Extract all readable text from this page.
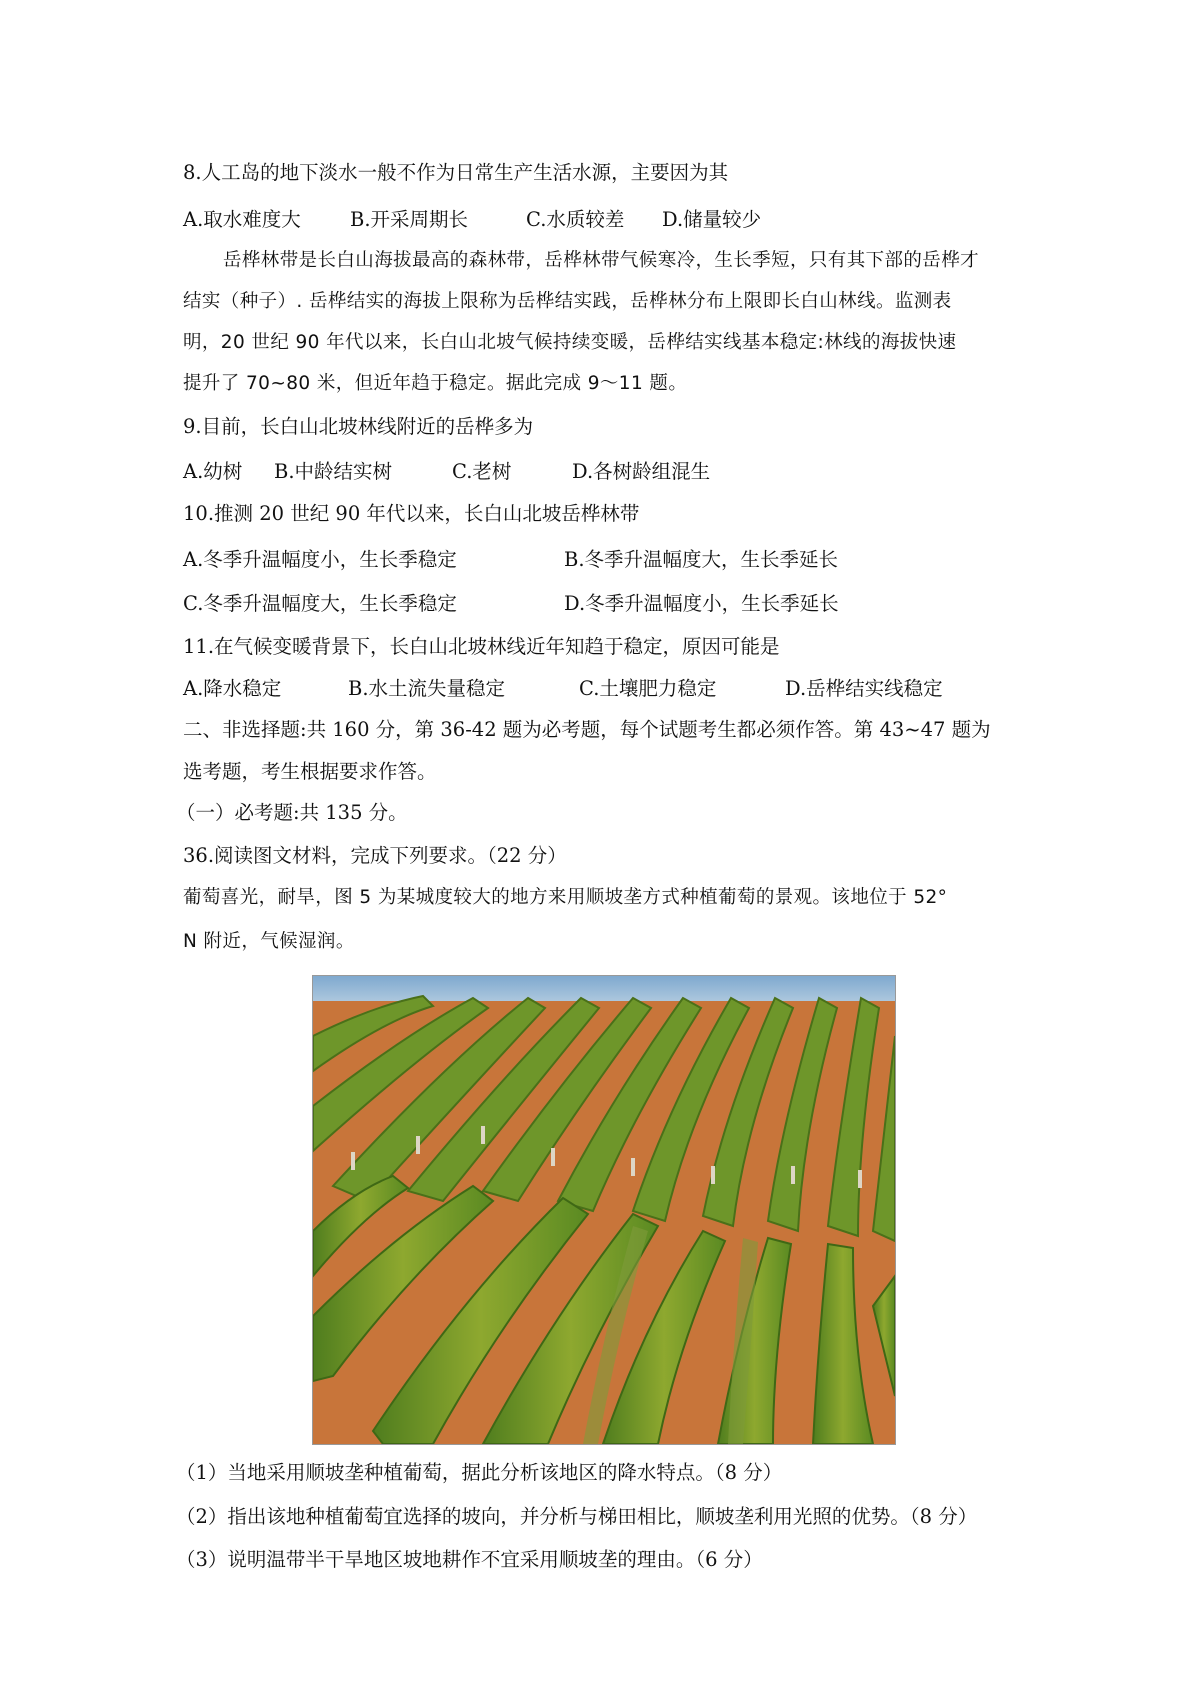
8.人工岛的地下淡水一般不作为日常生产生活水源，主要因为其
A.取水难度大	B.开采周期长	C.水质较差 D.储量较少
岳桦林带是长白山海拔最高的森林带，岳桦林带气候寒冷，生长季短，只有其下部的岳桦才
结实（种子）. 岳桦结实的海拔上限称为岳桦结实践，岳桦林分布上限即长白山林线。监测表
明，20 世纪 90 年代以来，长白山北坡气候持续变暖，岳桦结实线基本稳定:林线的海拔快速
提升了 70~80 米，但近年趋于稳定。据此完成 9～11 题。
9.目前，长白山北坡林线附近的岳桦多为
A.幼树 B.中龄结实树	C.老树	D.各树龄组混生
10.推测 20 世纪 90 年代以来，长白山北坡岳桦林带
A.冬季升温幅度小，生长季稳定	B.冬季升温幅度大，生长季延长
C.冬季升温幅度大，生长季稳定	D.冬季升温幅度小，生长季延长
11.在气候变暖背景下，长白山北坡林线近年知趋于稳定，原因可能是
A.降水稳定	B.水土流失量稳定	C.土壤肥力稳定	D.岳桦结实线稳定
二、非选择题:共 160 分，第 36-42 题为必考题，每个试题考生都必须作答。第 43~47 题为
选考题，考生根据要求作答。
（一）必考题:共 135 分。
36.阅读图文材料，完成下列要求。（22 分）
葡萄喜光，耐旱，图 5 为某城度较大的地方来用顺坡垄方式种植葡萄的景观。该地位于 52°
N 附近，气候湿润。
（1）当地采用顺坡垄种植葡萄，据此分析该地区的降水特点。（8 分）
（2）指出该地种植葡萄宜选择的坡向，并分析与梯田相比，顺坡垄利用光照的优势。（8 分）
（3）说明温带半干旱地区坡地耕作不宜采用顺坡垄的理由。（6 分）
